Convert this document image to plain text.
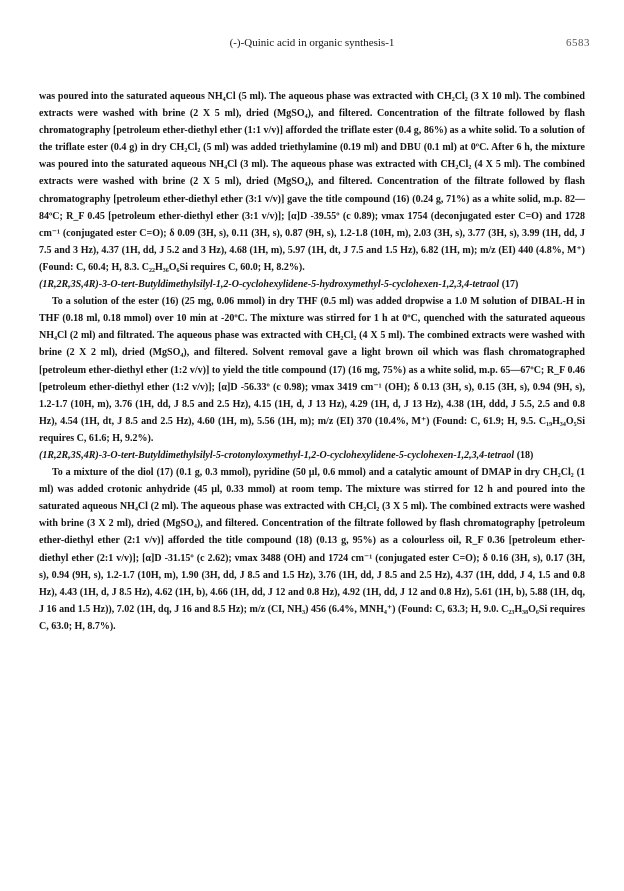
(-)-Quinic acid in organic synthesis-1	6583

was poured into the saturated aqueous NH₄Cl (5 ml). The aqueous phase was extracted with CH₂Cl₂ (3 X 10 ml). The combined extracts were washed with brine (2 X 5 ml), dried (MgSO₄), and filtered. Concentration of the filtrate followed by flash chromatography [petroleum ether-diethyl ether (1:1 v/v)] afforded the triflate ester (0.4 g, 86%) as a white solid. To a solution of the triflate ester (0.4 g) in dry CH₂Cl₂ (5 ml) was added triethylamine (0.19 ml) and DBU (0.1 ml) at 0ºC. After 6 h, the mixture was poured into the saturated aqueous NH₄Cl (3 ml). The aqueous phase was extracted with CH₂Cl₂ (4 X 5 ml). The combined extracts were washed with brine (2 X 5 ml), dried (MgSO₄), and filtered. Concentration of the filtrate followed by flash chromatography [petroleum ether-diethyl ether (3:1 v/v)] gave the title compound (16) (0.24 g, 71%) as a white solid, m.p. 82—84ºC; R_F 0.45 [petroleum ether-diethyl ether (3:1 v/v)]; [α]D -39.55º (c 0.89); νmax 1754 (deconjugated ester C=O) and 1728 cm⁻¹ (conjugated ester C=O); δ 0.09 (3H, s), 0.11 (3H, s), 0.87 (9H, s), 1.2-1.8 (10H, m), 2.03 (3H, s), 3.77 (3H, s), 3.99 (1H, dd, J 7.5 and 3 Hz), 4.37 (1H, dd, J 5.2 and 3 Hz), 4.68 (1H, m), 5.97 (1H, dt, J 7.5 and 1.5 Hz), 6.82 (1H, m); m/z (EI) 440 (4.8%, M⁺) (Found: C, 60.4; H, 8.3. C₂₂H₃₆O₆Si requires C, 60.0; H, 8.2%).

(1R,2R,3S,4R)-3-O-tert-Butyldimethylsilyl-1,2-O-cyclohexylidene-5-hydroxymethyl-5-cyclohexen-1,2,3,4-tetraol (17)

To a solution of the ester (16) (25 mg, 0.06 mmol) in dry THF (0.5 ml) was added dropwise a 1.0 M solution of DIBAL-H in THF (0.18 ml, 0.18 mmol) over 10 min at -20ºC. The mixture was stirred for 1 h at 0ºC, quenched with the saturated aqueous NH₄Cl (2 ml) and filtrated. The aqueous phase was extracted with CH₂Cl₂ (4 X 5 ml). The combined extracts were washed with brine (2 X 2 ml), dried (MgSO₄), and filtered. Solvent removal gave a light brown oil which was flash chromatographed [petroleum ether-diethyl ether (1:2 v/v)] to yield the title compound (17) (16 mg, 75%) as a white solid, m.p. 65—67ºC; R_F 0.46 [petroleum ether-diethyl ether (1:2 v/v)]; [α]D -56.33º (c 0.98); νmax 3419 cm⁻¹ (OH); δ 0.13 (3H, s), 0.15 (3H, s), 0.94 (9H, s), 1.2-1.7 (10H, m), 3.76 (1H, dd, J 8.5 and 2.5 Hz), 4.15 (1H, d, J 13 Hz), 4.29 (1H, d, J 13 Hz), 4.38 (1H, ddd, J 5.5, 2.5 and 0.8 Hz), 4.54 (1H, dt, J 8.5 and 2.5 Hz), 4.60 (1H, m), 5.56 (1H, m); m/z (EI) 370 (10.4%, M⁺) (Found: C, 61.9; H, 9.5. C₁₉H₃₄O₅Si requires C, 61.6; H, 9.2%).

(1R,2R,3S,4R)-3-O-tert-Butyldimethylsilyl-5-crotonyloxymethyl-1,2-O-cyclohexylidene-5-cyclohexen-1,2,3,4-tetraol (18)

To a mixture of the diol (17) (0.1 g, 0.3 mmol), pyridine (50 µl, 0.6 mmol) and a catalytic amount of DMAP in dry CH₂Cl₂ (1 ml) was added crotonic anhydride (45 µl, 0.33 mmol) at room temp. The mixture was stirred for 12 h and poured into the saturated aqueous NH₄Cl (2 ml). The aqueous phase was extracted with CH₂Cl₂ (3 X 5 ml). The combined extracts were washed with brine (3 X 2 ml), dried (MgSO₄), and filtered. Concentration of the filtrate followed by flash chromatography [petroleum ether-diethyl ether (2:1 v/v)] afforded the title compound (18) (0.13 g, 95%) as a colourless oil, R_F 0.36 [petroleum ether-diethyl ether (2:1 v/v)]; [α]D -31.15º (c 2.62); νmax 3488 (OH) and 1724 cm⁻¹ (conjugated ester C=O); δ 0.16 (3H, s), 0.17 (3H, s), 0.94 (9H, s), 1.2-1.7 (10H, m), 1.90 (3H, dd, J 8.5 and 1.5 Hz), 3.76 (1H, dd, J 8.5 and 2.5 Hz), 4.37 (1H, ddd, J 4, 1.5 and 0.8 Hz), 4.43 (1H, d, J 8.5 Hz), 4.62 (1H, b), 4.66 (1H, dd, J 12 and 0.8 Hz), 4.92 (1H, dd, J 12 and 0.8 Hz), 5.61 (1H, b), 5.88 (1H, dq, J 16 and 1.5 Hz)), 7.02 (1H, dq, J 16 and 8.5 Hz); m/z (CI, NH₃) 456 (6.4%, MNH₄⁺) (Found: C, 63.3; H, 9.0. C₂₃H₃₈O₆Si requires C, 63.0; H, 8.7%).
